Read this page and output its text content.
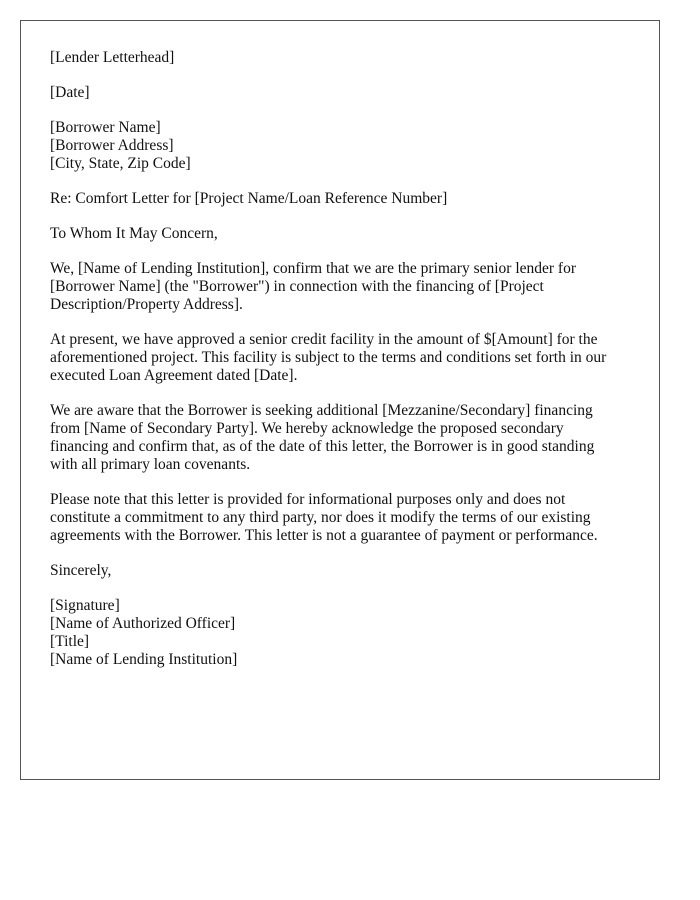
[Lender Letterhead]

[Date]

[Borrower Name]
[Borrower Address]
[City, State, Zip Code]

Re: Comfort Letter for [Project Name/Loan Reference Number]

To Whom It May Concern,

We, [Name of Lending Institution], confirm that we are the primary senior lender for
[Borrower Name] (the "Borrower") in connection with the financing of [Project
Description/Property Address].

At present, we have approved a senior credit facility in the amount of $[Amount] for the
aforementioned project. This facility is subject to the terms and conditions set forth in our
executed Loan Agreement dated [Date].

We are aware that the Borrower is seeking additional [Mezzanine/Secondary] financing
from [Name of Secondary Party]. We hereby acknowledge the proposed secondary
financing and confirm that, as of the date of this letter, the Borrower is in good standing
with all primary loan covenants.

Please note that this letter is provided for informational purposes only and does not
constitute a commitment to any third party, nor does it modify the terms of our existing
agreements with the Borrower. This letter is not a guarantee of payment or performance.

Sincerely,

[Signature]
[Name of Authorized Officer]
[Title]
[Name of Lending Institution]
